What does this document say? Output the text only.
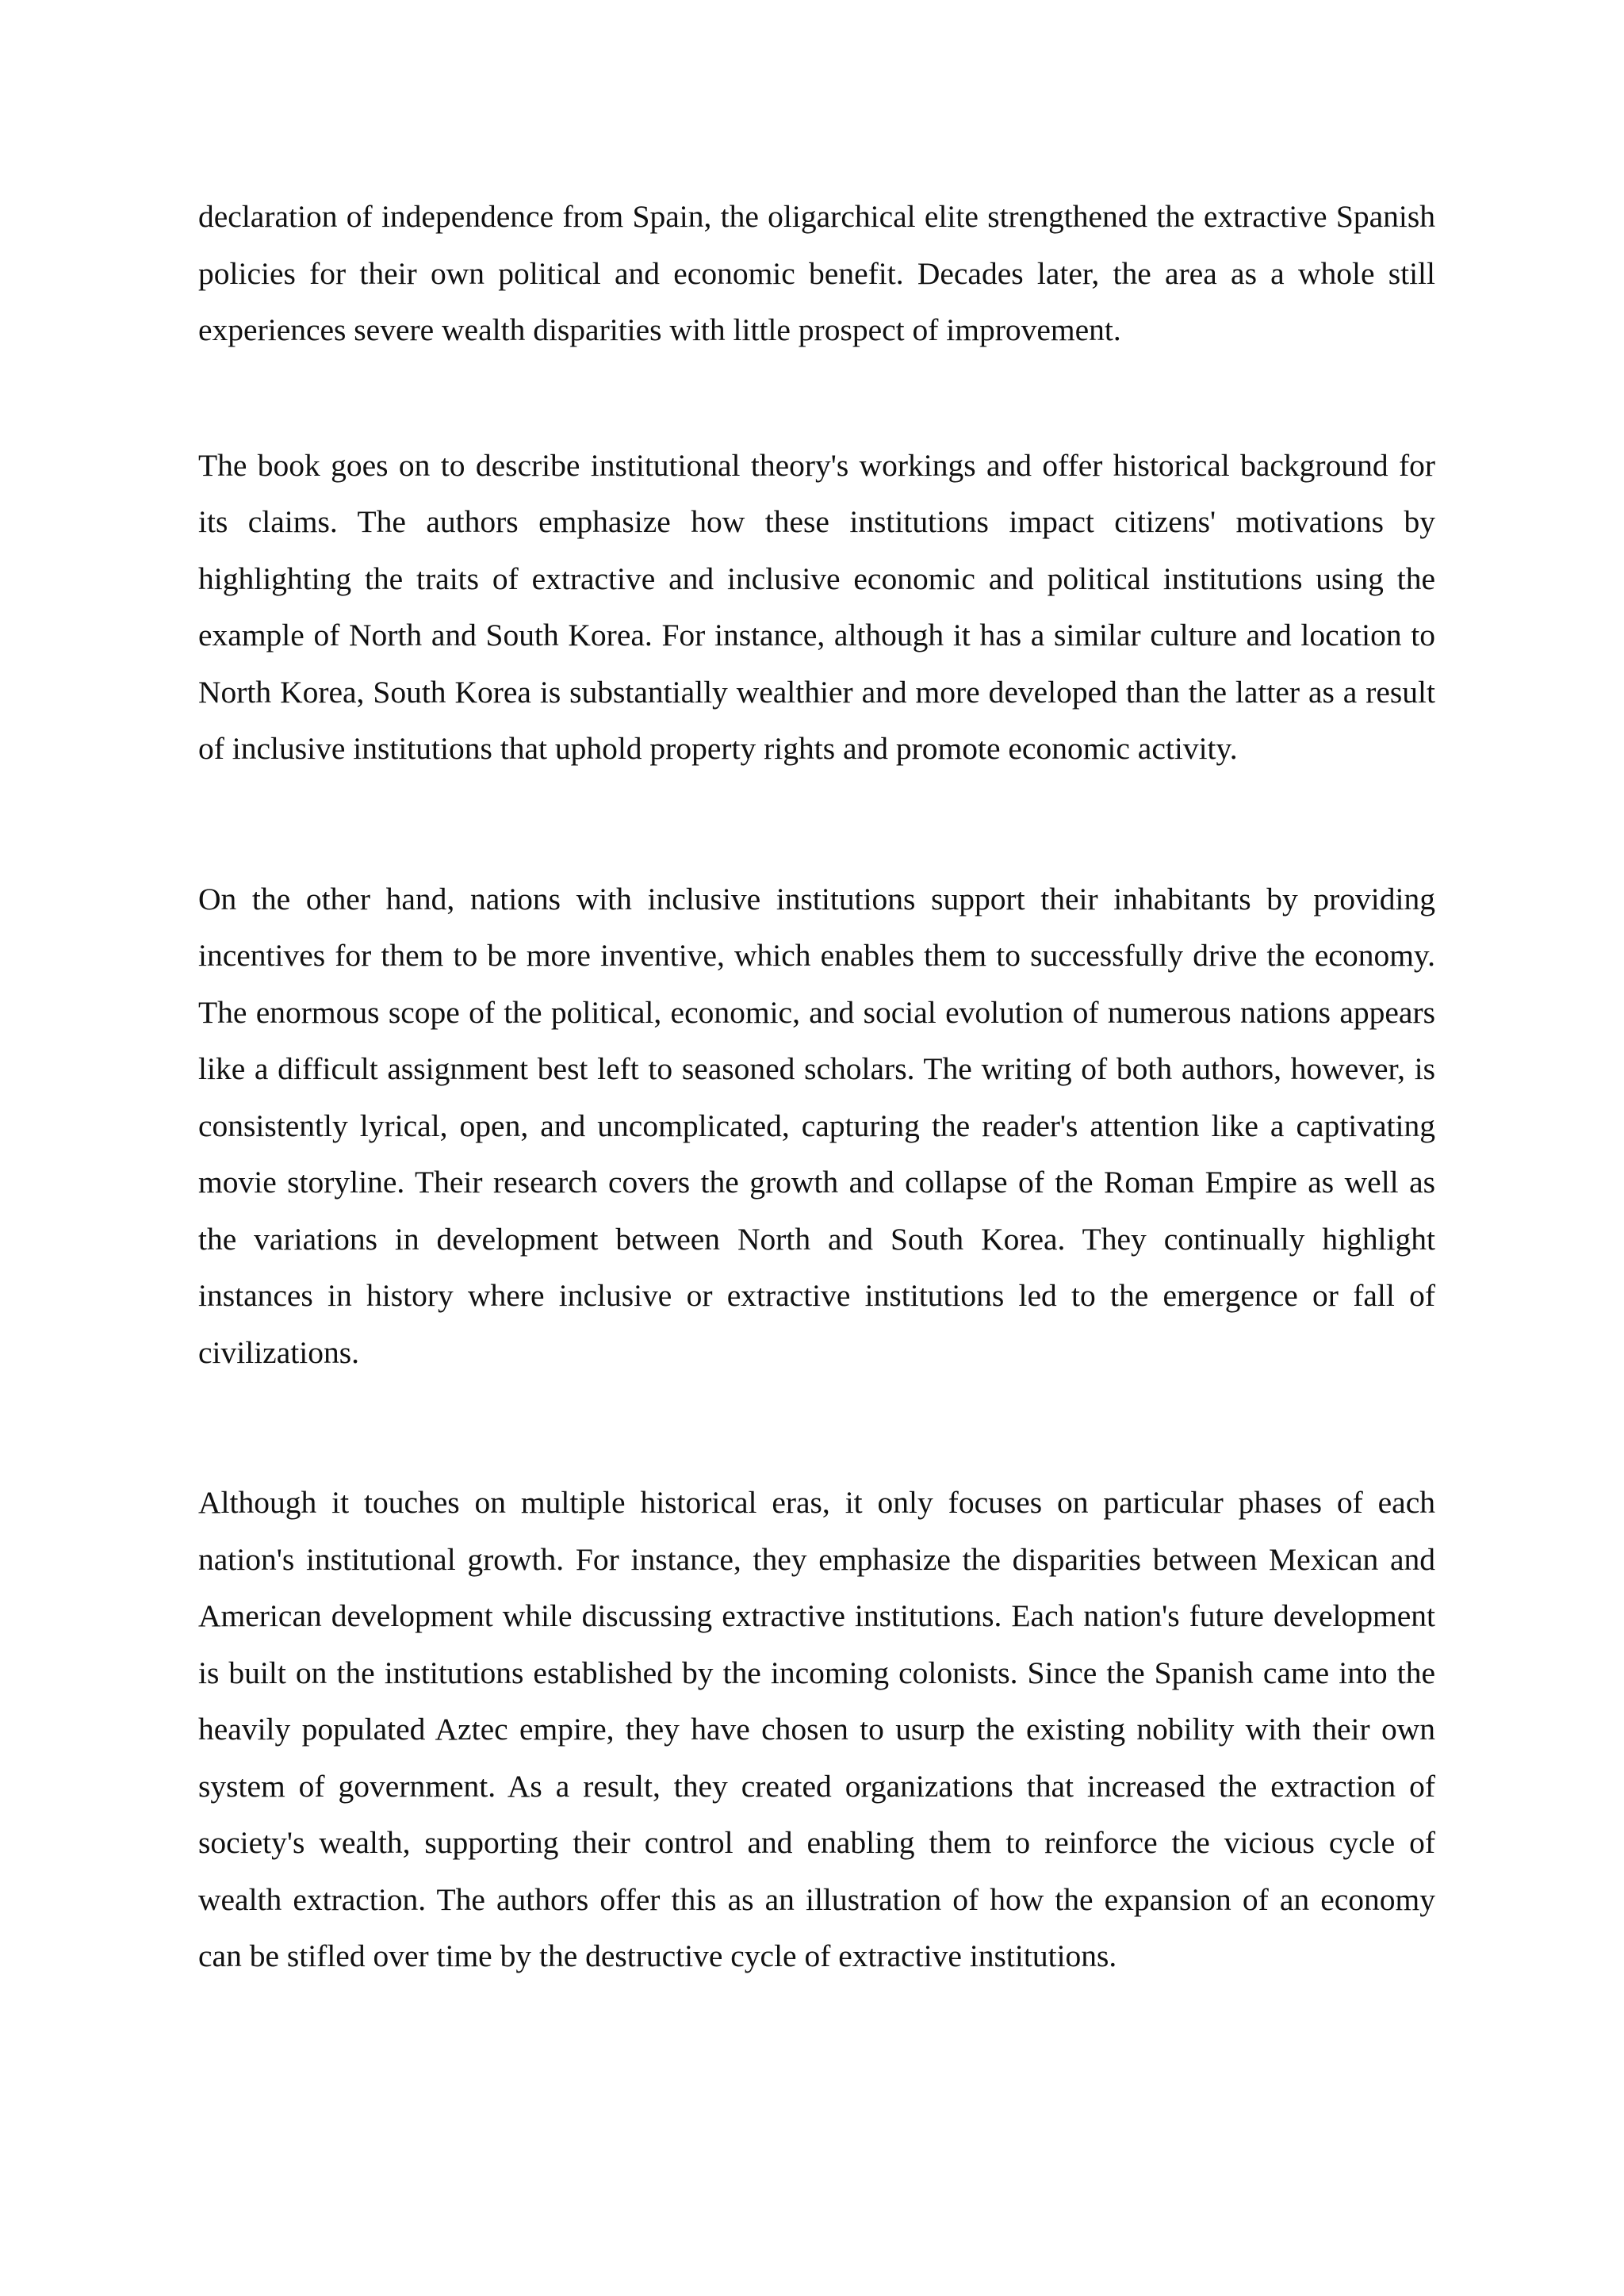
declaration of independence from Spain, the oligarchical elite strengthened the extractive Spanish policies for their own political and economic benefit. Decades later, the area as a whole still experiences severe wealth disparities with little prospect of improvement.

The book goes on to describe institutional theory's workings and offer historical background for its claims. The authors emphasize how these institutions impact citizens' motivations by highlighting the traits of extractive and inclusive economic and political institutions using the example of North and South Korea. For instance, although it has a similar culture and location to North Korea, South Korea is substantially wealthier and more developed than the latter as a result of inclusive institutions that uphold property rights and promote economic activity.

On the other hand, nations with inclusive institutions support their inhabitants by providing incentives for them to be more inventive, which enables them to successfully drive the economy. The enormous scope of the political, economic, and social evolution of numerous nations appears like a difficult assignment best left to seasoned scholars. The writing of both authors, however, is consistently lyrical, open, and uncomplicated, capturing the reader's attention like a captivating movie storyline. Their research covers the growth and collapse of the Roman Empire as well as the variations in development between North and South Korea. They continually highlight instances in history where inclusive or extractive institutions led to the emergence or fall of civilizations.

Although it touches on multiple historical eras, it only focuses on particular phases of each nation's institutional growth. For instance, they emphasize the disparities between Mexican and American development while discussing extractive institutions. Each nation's future development is built on the institutions established by the incoming colonists. Since the Spanish came into the heavily populated Aztec empire, they have chosen to usurp the existing nobility with their own system of government. As a result, they created organizations that increased the extraction of society's wealth, supporting their control and enabling them to reinforce the vicious cycle of wealth extraction. The authors offer this as an illustration of how the expansion of an economy can be stifled over time by the destructive cycle of extractive institutions.
